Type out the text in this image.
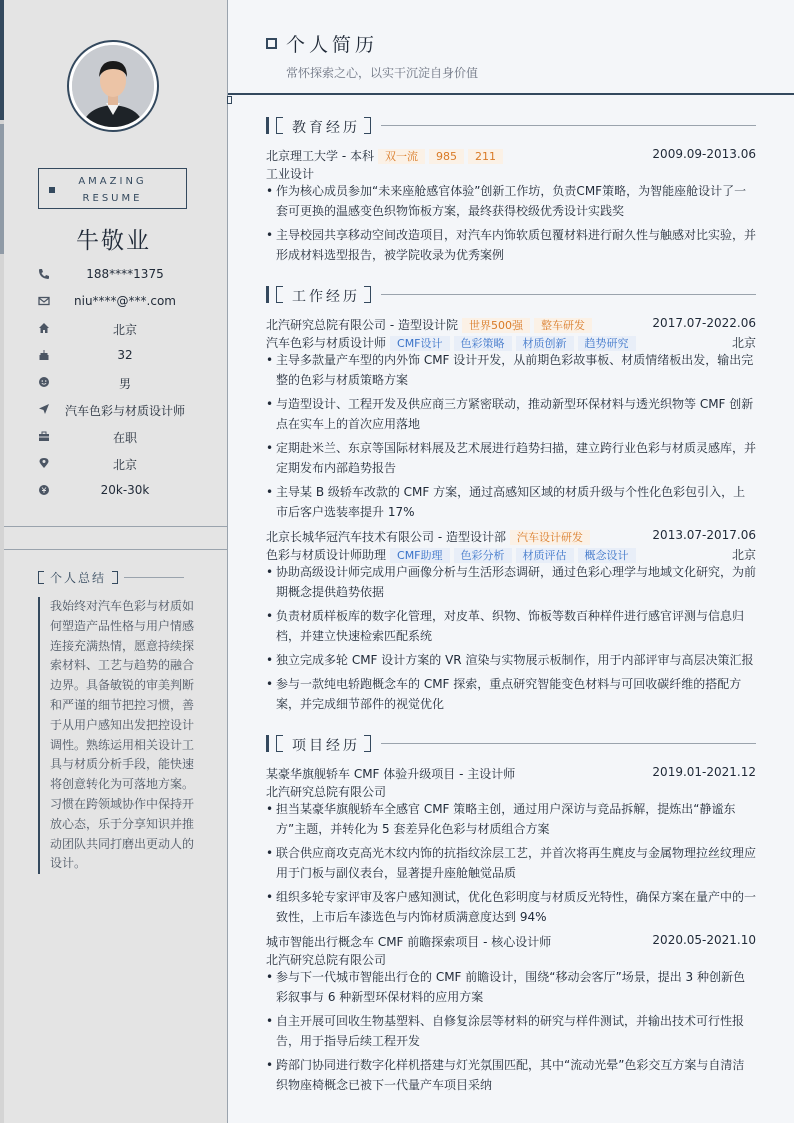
AMAZING
RESUME
牛敬业
188****1375
niu****@***.com
北京
32
男
汽车色彩与材质设计师
在职
北京
20k-30k
个人总结
我始终对汽车色彩与材质如何塑造产品性格与用户情感连接充满热情，愿意持续探索材料、工艺与趋势的融合边界。具备敏锐的审美判断和严谨的细节把控习惯，善于从用户感知出发把控设计调性。熟练运用相关设计工具与材质分析手段，能快速将创意转化为可落地方案。习惯在跨领域协作中保持开放心态，乐于分享知识并推动团队共同打磨出更动人的设计。
个人简历
常怀探索之心，以实干沉淀自身价值
教育经历
北京理工大学 - 本科 双一流 985 211	2009.09-2013.06
工业设计
• 作为核心成员参加“未来座舱感官体验”创新工作坊，负责CMF策略，为智能座舱设计了一套可更换的温感变色织物饰板方案，最终获得校级优秀设计实践奖
• 主导校园共享移动空间改造项目，对汽车内饰软质包覆材料进行耐久性与触感对比实验，并形成材料选型报告，被学院收录为优秀案例
工作经历
北汽研究总院有限公司 - 造型设计院 世界500强 整车研发	2017.07-2022.06
汽车色彩与材质设计师 CMF设计 色彩策略 材质创新 趋势研究	北京
• 主导多款量产车型的内外饰 CMF 设计开发，从前期色彩故事板、材质情绪板出发，输出完整的色彩与材质策略方案
• 与造型设计、工程开发及供应商三方紧密联动，推动新型环保材料与透光织物等 CMF 创新点在实车上的首次应用落地
• 定期赴米兰、东京等国际材料展及艺术展进行趋势扫描，建立跨行业色彩与材质灵感库，并定期发布内部趋势报告
• 主导某 B 级轿车改款的 CMF 方案，通过高感知区域的材质升级与个性化色彩包引入，上市后客户选装率提升 17%
北京长城华冠汽车技术有限公司 - 造型设计部 汽车设计研发	2013.07-2017.06
色彩与材质设计师助理 CMF助理 色彩分析 材质评估 概念设计	北京
• 协助高级设计师完成用户画像分析与生活形态调研，通过色彩心理学与地域文化研究，为前期概念提供趋势依据
• 负责材质样板库的数字化管理，对皮革、织物、饰板等数百种样件进行感官评测与信息归档，并建立快速检索匹配系统
• 独立完成多轮 CMF 设计方案的 VR 渲染与实物展示板制作，用于内部评审与高层决策汇报
• 参与一款纯电轿跑概念车的 CMF 探索，重点研究智能变色材料与可回收碳纤维的搭配方案，并完成细节部件的视觉优化
项目经历
某豪华旗舰轿车 CMF 体验升级项目 - 主设计师	2019.01-2021.12
北汽研究总院有限公司
• 担当某豪华旗舰轿车全感官 CMF 策略主创，通过用户深访与竞品拆解，提炼出“静谧东方”主题，并转化为 5 套差异化色彩与材质组合方案
• 联合供应商攻克高光木纹内饰的抗指纹涂层工艺，并首次将再生麂皮与金属物理拉丝纹理应用于门板与副仪表台，显著提升座舱触觉品质
• 组织多轮专家评审及客户感知测试，优化色彩明度与材质反光特性，确保方案在量产中的一致性，上市后车漆选色与内饰材质满意度达到 94%
城市智能出行概念车 CMF 前瞻探索项目 - 核心设计师	2020.05-2021.10
北汽研究总院有限公司
• 参与下一代城市智能出行仓的 CMF 前瞻设计，围绕“移动会客厅”场景，提出 3 种创新色彩叙事与 6 种新型环保材料的应用方案
• 自主开展可回收生物基塑料、自修复涂层等材料的研究与样件测试，并输出技术可行性报告，用于指导后续工程开发
• 跨部门协同进行数字化样机搭建与灯光氛围匹配，其中“流动光晕”色彩交互方案与自清洁织物座椅概念已被下一代量产车项目采纳
